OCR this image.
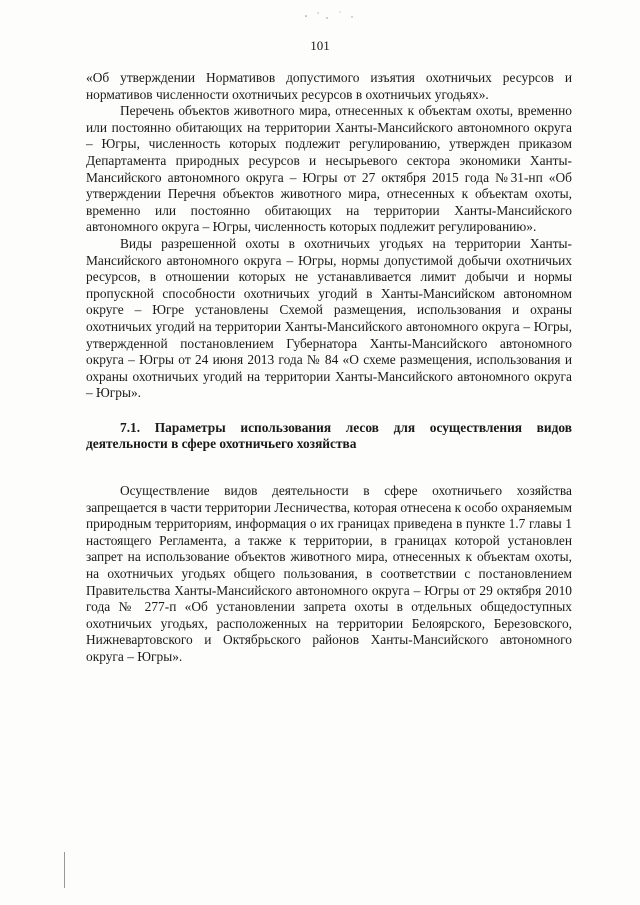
101

«Об утверждении Нормативов допустимого изъятия охотничьих ресурсов и нормативов численности охотничьих ресурсов в охотничьих угодьях».

Перечень объектов животного мира, отнесенных к объектам охоты, временно или постоянно обитающих на территории Ханты-Мансийского автономного округа – Югры, численность которых подлежит регулированию, утвержден приказом Департамента природных ресурсов и несырьевого сектора экономики Ханты-Мансийского автономного округа – Югры от 27 октября 2015 года №31-нп «Об утверждении Перечня объектов животного мира, отнесенных к объектам охоты, временно или постоянно обитающих на территории Ханты-Мансийского автономного округа – Югры, численность которых подлежит регулированию».

Виды разрешенной охоты в охотничьих угодьях на территории Ханты-Мансийского автономного округа – Югры, нормы допустимой добычи охотничьих ресурсов, в отношении которых не устанавливается лимит добычи и нормы пропускной способности охотничьих угодий в Ханты-Мансийском автономном округе – Югре установлены Схемой размещения, использования и охраны охотничьих угодий на территории Ханты-Мансийского автономного округа – Югры, утвержденной постановлением Губернатора Ханты-Мансийского автономного округа – Югры от 24 июня 2013 года № 84 «О схеме размещения, использования и охраны охотничьих угодий на территории Ханты-Мансийского автономного округа – Югры».

7.1. Параметры использования лесов для осуществления видов деятельности в сфере охотничьего хозяйства

Осуществление видов деятельности в сфере охотничьего хозяйства запрещается в части территории Лесничества, которая отнесена к особо охраняемым природным территориям, информация о их границах приведена в пункте 1.7 главы 1 настоящего Регламента, а также к территории, в границах которой установлен запрет на использование объектов животного мира, отнесенных к объектам охоты, на охотничьих угодьях общего пользования, в соответствии с постановлением Правительства Ханты-Мансийского автономного округа – Югры от 29 октября 2010 года № 277-п «Об установлении запрета охоты в отдельных общедоступных охотничьих угодьях, расположенных на территории Белоярского, Березовского, Нижневартовского и Октябрьского районов Ханты-Мансийского автономного округа – Югры».
